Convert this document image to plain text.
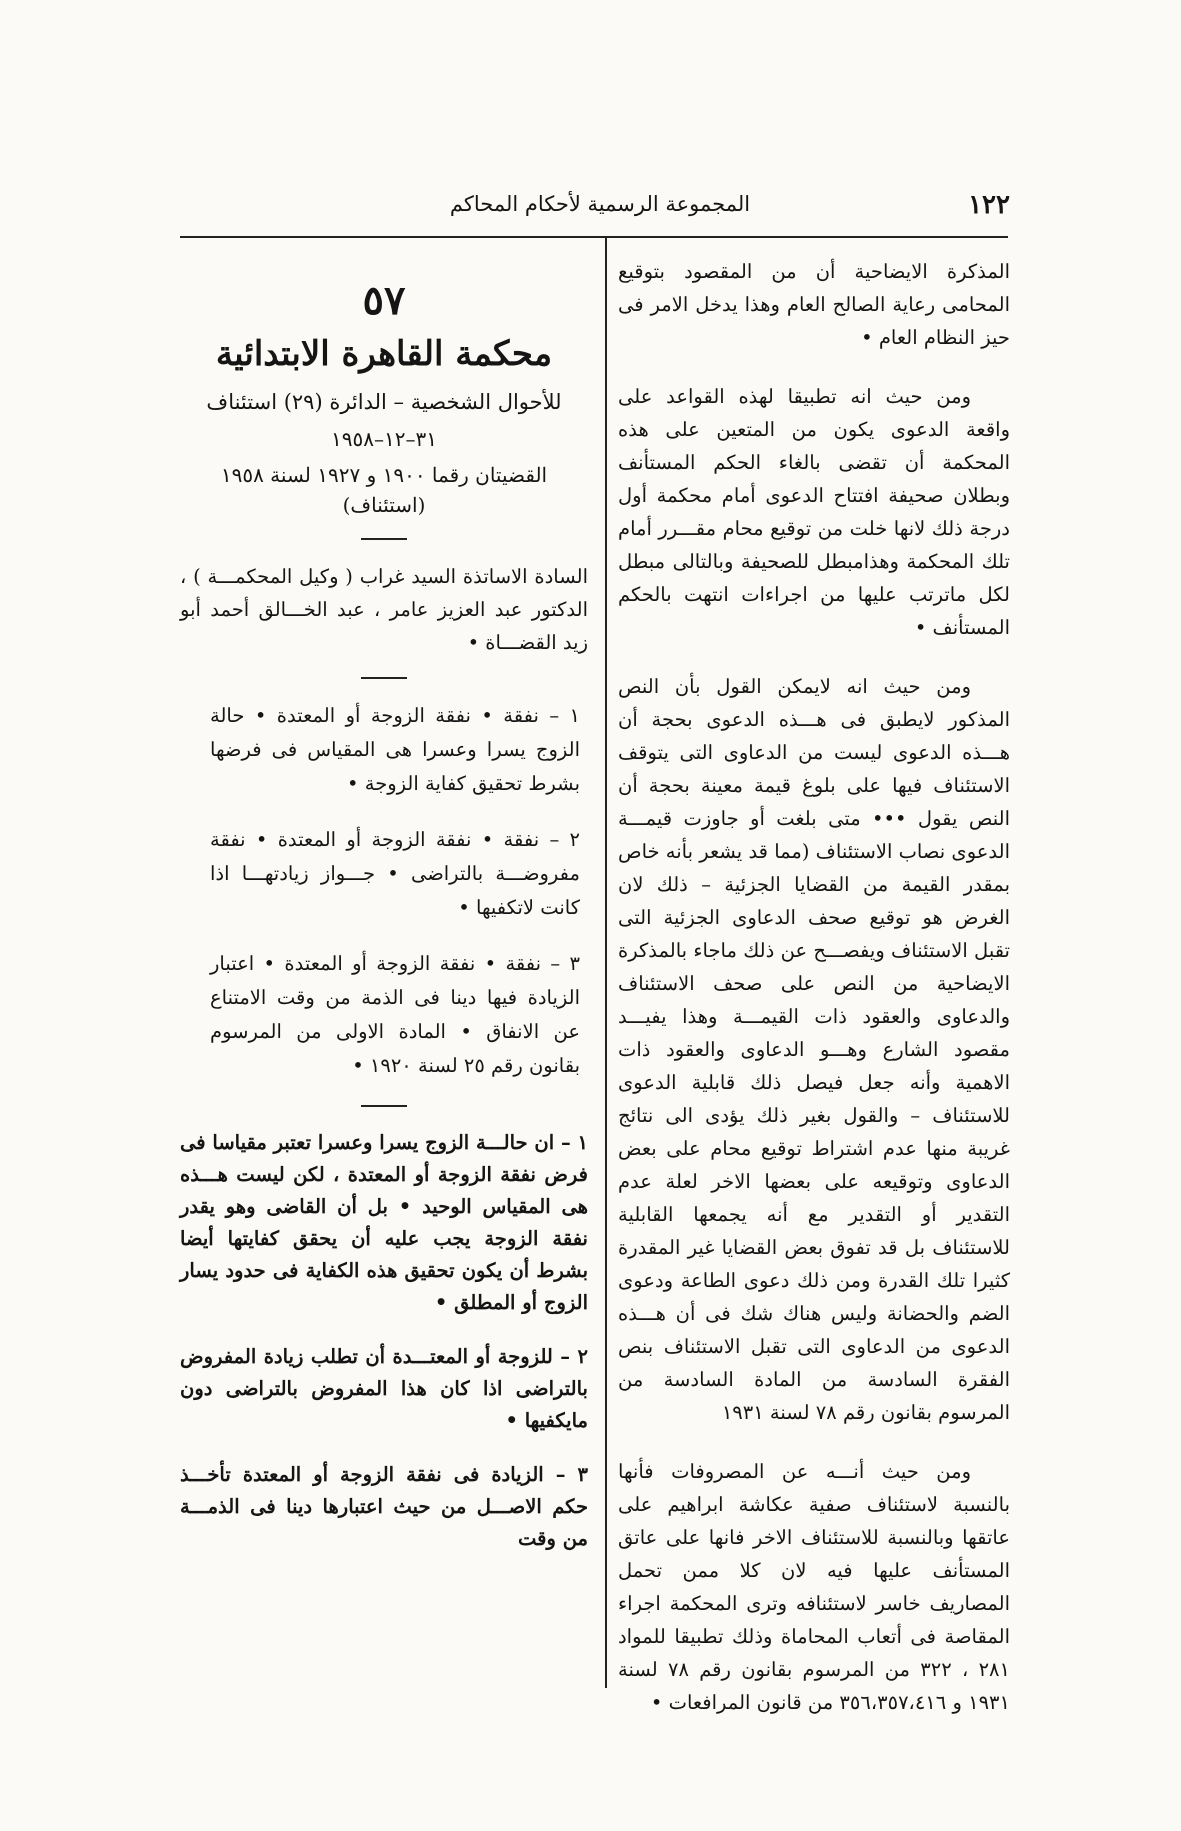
١٢٢
المجموعة الرسمية لأحكام المحاكم

المذكرة الايضاحية أن من المقصود بتوقيع المحامى رعاية الصالح العام وهذا يدخل الامر فى حيز النظام العام •

ومن حيث انه تطبيقا لهذه القواعد على واقعة الدعوى يكون من المتعين على هذه المحكمة أن تقضى بالغاء الحكم المستأنف وبطلان صحيفة افتتاح الدعوى أمام محكمة أول درجة ذلك لانها خلت من توقيع محام مقـــرر أمام تلك المحكمة وهذامبطل للصحيفة وبالتالى مبطل لكل ماترتب عليها من اجراءات انتهت بالحكم المستأنف •

ومن حيث انه لايمكن القول بأن النص المذكور لايطبق فى هـــذه الدعوى بحجة أن هـــذه الدعوى ليست من الدعاوى التى يتوقف الاستئناف فيها على بلوغ قيمة معينة بحجة أن النص يقول ••• متى بلغت أو جاوزت قيمـــة الدعوى نصاب الاستئناف (مما قد يشعر بأنه خاص بمقدر القيمة من القضايا الجزئية – ذلك لان الغرض هو توقيع صحف الدعاوى الجزئية التى تقبل الاستئناف ويفصـــح عن ذلك ماجاء بالمذكرة الايضاحية من النص على صحف الاستئناف والدعاوى والعقود ذات القيمـــة وهذا يفيـــد مقصود الشارع وهـــو الدعاوى والعقود ذات الاهمية وأنه جعل فيصل ذلك قابلية الدعوى للاستئناف – والقول بغير ذلك يؤدى الى نتائج غريبة منها عدم اشتراط توقيع محام على بعض الدعاوى وتوقيعه على بعضها الاخر لعلة عدم التقدير أو التقدير مع أنه يجمعها القابلية للاستئناف بل قد تفوق بعض القضايا غير المقدرة كثيرا تلك القدرة ومن ذلك دعوى الطاعة ودعوى الضم والحضانة وليس هناك شك فى أن هـــذه الدعوى من الدعاوى التى تقبل الاستئناف بنص الفقرة السادسة من المادة السادسة من المرسوم بقانون رقم ٧٨ لسنة ١٩٣١

ومن حيث أنـــه عن المصروفات فأنها بالنسبة لاستئناف صفية عكاشة ابراهيم على عاتقها وبالنسبة للاستئناف الاخر فانها على عاتق المستأنف عليها فيه لان كلا ممن تحمل المصاريف خاسر لاستئنافه وترى المحكمة اجراء المقاصة فى أتعاب المحاماة وذلك تطبيقا للمواد ٢٨١ ، ٣٢٢ من المرسوم بقانون رقم ٧٨ لسنة ١٩٣١ و ٣٥٦،٣٥٧،٤١٦ من قانون المرافعات •

٥٧
محكمة القاهرة الابتدائية
للأحوال الشخصية – الدائرة (٢٩) استئناف
٣١–١٢–١٩٥٨
القضيتان رقما ١٩٠٠ و ١٩٢٧ لسنة ١٩٥٨ (استئناف)

السادة الاساتذة السيد غراب ( وكيل المحكمـــة ) ، الدكتور عبد العزيز عامر ، عبد الخـــالق أحمد أبو زيد القضـــاة •

١ – نفقة • نفقة الزوجة أو المعتدة • حالة الزوج يسرا وعسرا هى المقياس فى فرضها بشرط تحقيق كفاية الزوجة •

٢ – نفقة • نفقة الزوجة أو المعتدة • نفقة مفروضـــة بالتراضى • جـــواز زيادتهـــا اذا كانت لاتكفيها •

٣ – نفقة • نفقة الزوجة أو المعتدة • اعتبار الزيادة فيها دينا فى الذمة من وقت الامتناع عن الانفاق • المادة الاولى من المرسوم بقانون رقم ٢٥ لسنة ١٩٢٠ •

١ – ان حالـــة الزوج يسرا وعسرا تعتبر مقياسا فى فرض نفقة الزوجة أو المعتدة ، لكن ليست هـــذه هى المقياس الوحيد • بل أن القاضى وهو يقدر نفقة الزوجة يجب عليه أن يحقق كفايتها أيضا بشرط أن يكون تحقيق هذه الكفاية فى حدود يسار الزوج أو المطلق •

٢ – للزوجة أو المعتـــدة أن تطلب زيادة المفروض بالتراضى اذا كان هذا المفروض بالتراضى دون مايكفيها •

٣ – الزيادة فى نفقة الزوجة أو المعتدة تأخـــذ حكم الاصـــل من حيث اعتبارها دينا فى الذمـــة من وقت
